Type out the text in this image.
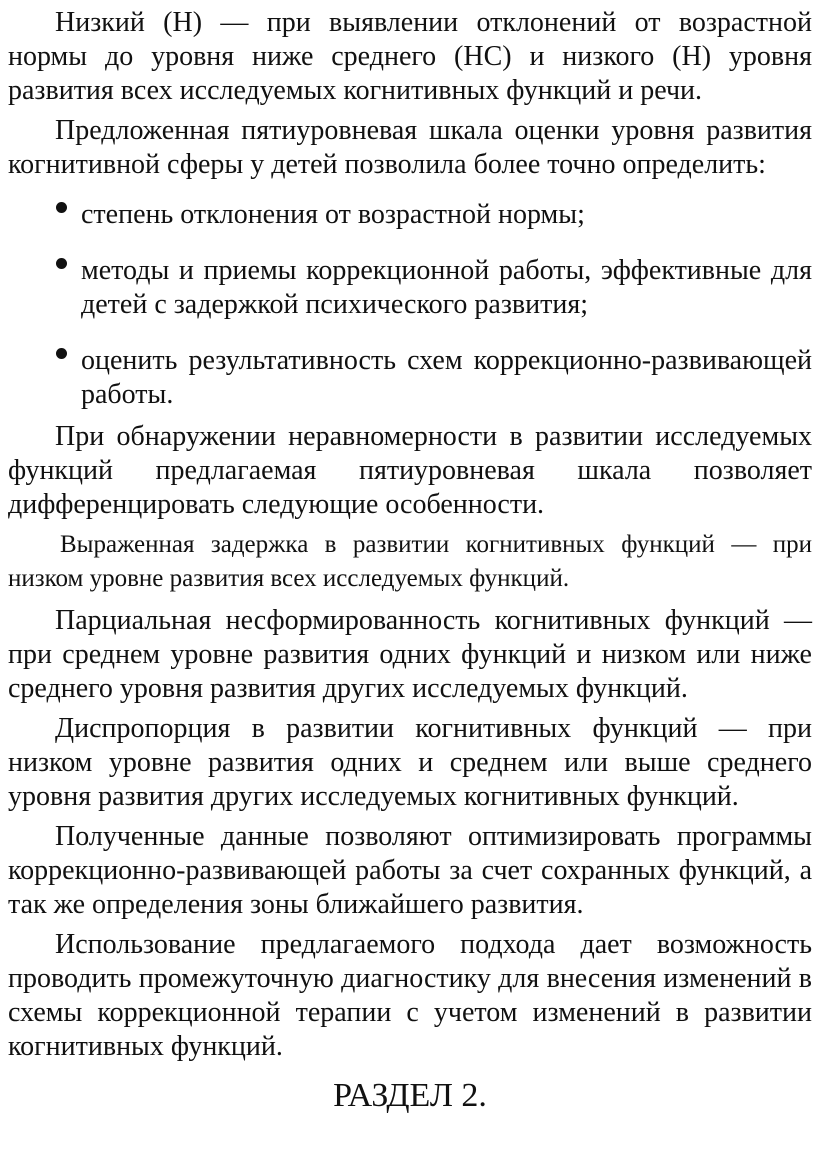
Низкий (Н) — при выявлении отклонений от возрастной нормы до уровня ниже среднего (НС) и низкого (Н) уровня развития всех исследуемых когнитивных функций и речи.

Предложенная пятиуровневая шкала оценки уровня развития когнитивной сферы у детей позволила более точно определить:

степень отклонения от возрастной нормы;
методы и приемы коррекционной работы, эффективные для детей с задержкой психического развития;
оценить результативность схем коррекционно-развивающей работы.

При обнаружении неравномерности в развитии исследуемых функций предлагаемая пятиуровневая шкала позволяет дифференцировать следующие особенности.

Выраженная задержка в развитии когнитивных функций — при низком уровне развития всех исследуемых функций.

Парциальная несформированность когнитивных функций — при среднем уровне развития одних функций и низком или ниже среднего уровня развития других исследуемых функций.

Диспропорция в развитии когнитивных функций — при низком уровне развития одних и среднем или выше среднего уровня развития других исследуемых когнитивных функций.

Полученные данные позволяют оптимизировать программы коррекционно-развивающей работы за счет сохранных функций, а так же определения зоны ближайшего развития.

Использование предлагаемого подхода дает возможность проводить промежуточную диагностику для внесения изменений в схемы коррекционной терапии с учетом изменений в развитии когнитивных функций.

РАЗДЕЛ 2.
